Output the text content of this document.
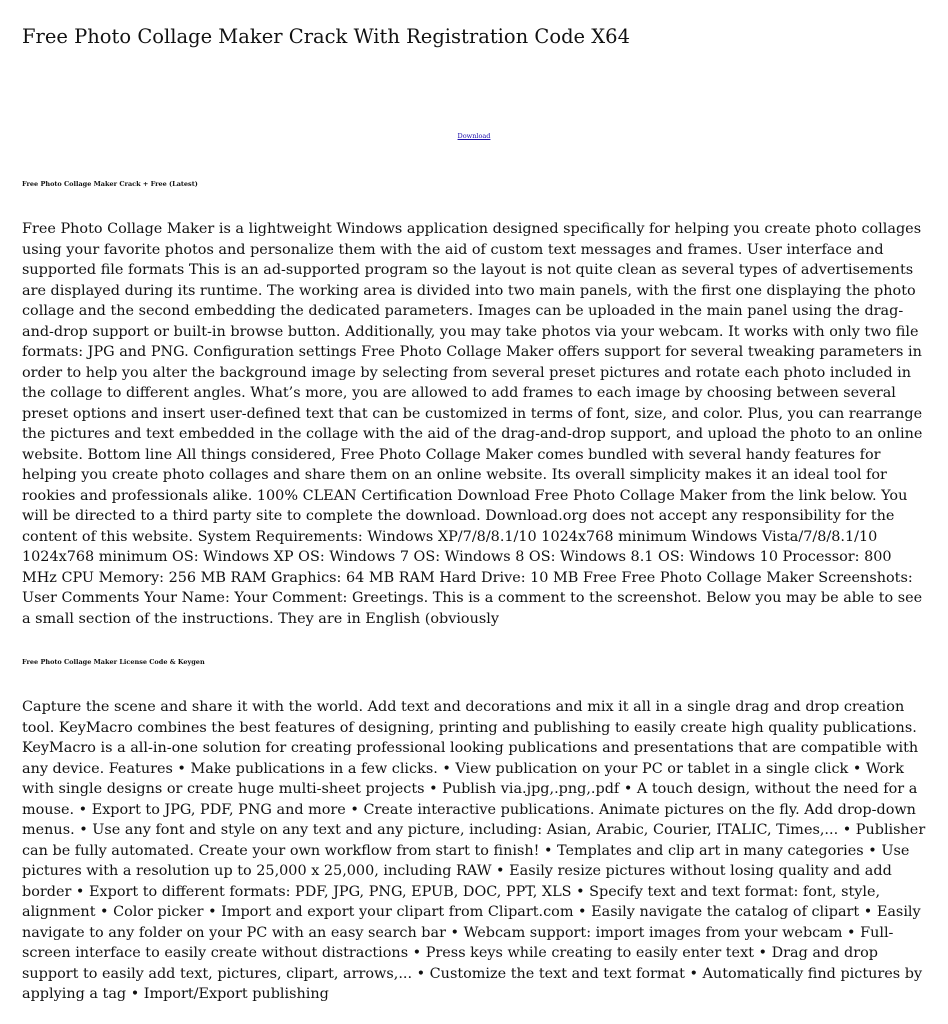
Free Photo Collage Maker Crack With Registration Code X64
Download
Free Photo Collage Maker Crack + Free (Latest)

Free Photo Collage Maker is a lightweight Windows application designed specifically for helping you create photo collages using your favorite photos and personalize them with the aid of custom text messages and frames. User interface and supported file formats This is an ad-supported program so the layout is not quite clean as several types of advertisements are displayed during its runtime. The working area is divided into two main panels, with the first one displaying the photo collage and the second embedding the dedicated parameters. Images can be uploaded in the main panel using the drag-and-drop support or built-in browse button. Additionally, you may take photos via your webcam. It works with only two file formats: JPG and PNG. Configuration settings Free Photo Collage Maker offers support for several tweaking parameters in order to help you alter the background image by selecting from several preset pictures and rotate each photo included in the collage to different angles. What’s more, you are allowed to add frames to each image by choosing between several preset options and insert user-defined text that can be customized in terms of font, size, and color. Plus, you can rearrange the pictures and text embedded in the collage with the aid of the drag-and-drop support, and upload the photo to an online website. Bottom line All things considered, Free Photo Collage Maker comes bundled with several handy features for helping you create photo collages and share them on an online website. Its overall simplicity makes it an ideal tool for rookies and professionals alike. 100% CLEAN Certification Download Free Photo Collage Maker from the link below. You will be directed to a third party site to complete the download. Download.org does not accept any responsibility for the content of this website. System Requirements: Windows XP/7/8/8.1/10 1024x768 minimum Windows Vista/7/8/8.1/10 1024x768 minimum OS: Windows XP OS: Windows 7 OS: Windows 8 OS: Windows 8.1 OS: Windows 10 Processor: 800 MHz CPU Memory: 256 MB RAM Graphics: 64 MB RAM Hard Drive: 10 MB Free Free Photo Collage Maker Screenshots: User Comments Your Name: Your Comment: Greetings. This is a comment to the screenshot. Below you may be able to see a small section of the instructions. They are in English (obviously

Free Photo Collage Maker License Code & Keygen

Capture the scene and share it with the world. Add text and decorations and mix it all in a single drag and drop creation tool. KeyMacro combines the best features of designing, printing and publishing to easily create high quality publications. KeyMacro is a all-in-one solution for creating professional looking publications and presentations that are compatible with any device. Features • Make publications in a few clicks. • View publication on your PC or tablet in a single click • Work with single designs or create huge multi-sheet projects • Publish via.jpg,.png,.pdf • A touch design, without the need for a mouse. • Export to JPG, PDF, PNG and more • Create interactive publications. Animate pictures on the fly. Add drop-down menus. • Use any font and style on any text and any picture, including: Asian, Arabic, Courier, ITALIC, Times,... • Publisher can be fully automated. Create your own workflow from start to finish! • Templates and clip art in many categories • Use pictures with a resolution up to 25,000 x 25,000, including RAW • Easily resize pictures without losing quality and add border • Export to different formats: PDF, JPG, PNG, EPUB, DOC, PPT, XLS • Specify text and text format: font, style, alignment • Color picker • Import and export your clipart from Clipart.com • Easily navigate the catalog of clipart • Easily navigate to any folder on your PC with an easy search bar • Webcam support: import images from your webcam • Full-screen interface to easily create without distractions • Press keys while creating to easily enter text • Drag and drop support to easily add text, pictures, clipart, arrows,... • Customize the text and text format • Automatically find pictures by applying a tag • Import/Export publishing
